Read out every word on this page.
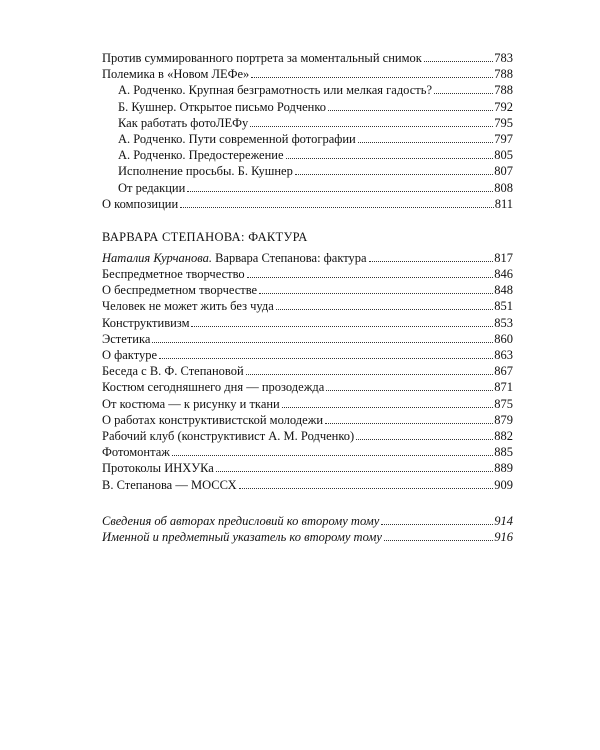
Против суммированного портрета за моментальный снимок	783
Полемика в «Новом ЛЕФе»	788
А. Родченко. Крупная безграмотность или мелкая гадость?	788
Б. Кушнер. Открытое письмо Родченко	792
Как работать фотоЛЕФу	795
А. Родченко. Пути современной фотографии	797
А. Родченко. Предостережение	805
Исполнение просьбы. Б. Кушнер	807
От редакции	808
О композиции	811
ВАРВАРА СТЕПАНОВА: ФАКТУРА
Наталия Курчанова. Варвара Степанова: фактура	817
Беспредметное творчество	846
О беспредметном творчестве	848
Человек не может жить без чуда	851
Конструктивизм	853
Эстетика	860
О фактуре	863
Беседа с В. Ф. Степановой	867
Костюм сегодняшнего дня — прозодежда	871
От костюма — к рисунку и ткани	875
О работах конструктивистской молодежи	879
Рабочий клуб (конструктивист А. М. Родченко)	882
Фотомонтаж	885
Протоколы ИНХУКа	889
В. Степанова — МОССХ	909
Сведения об авторах предисловий ко второму тому	914
Именной и предметный указатель ко второму тому	916
